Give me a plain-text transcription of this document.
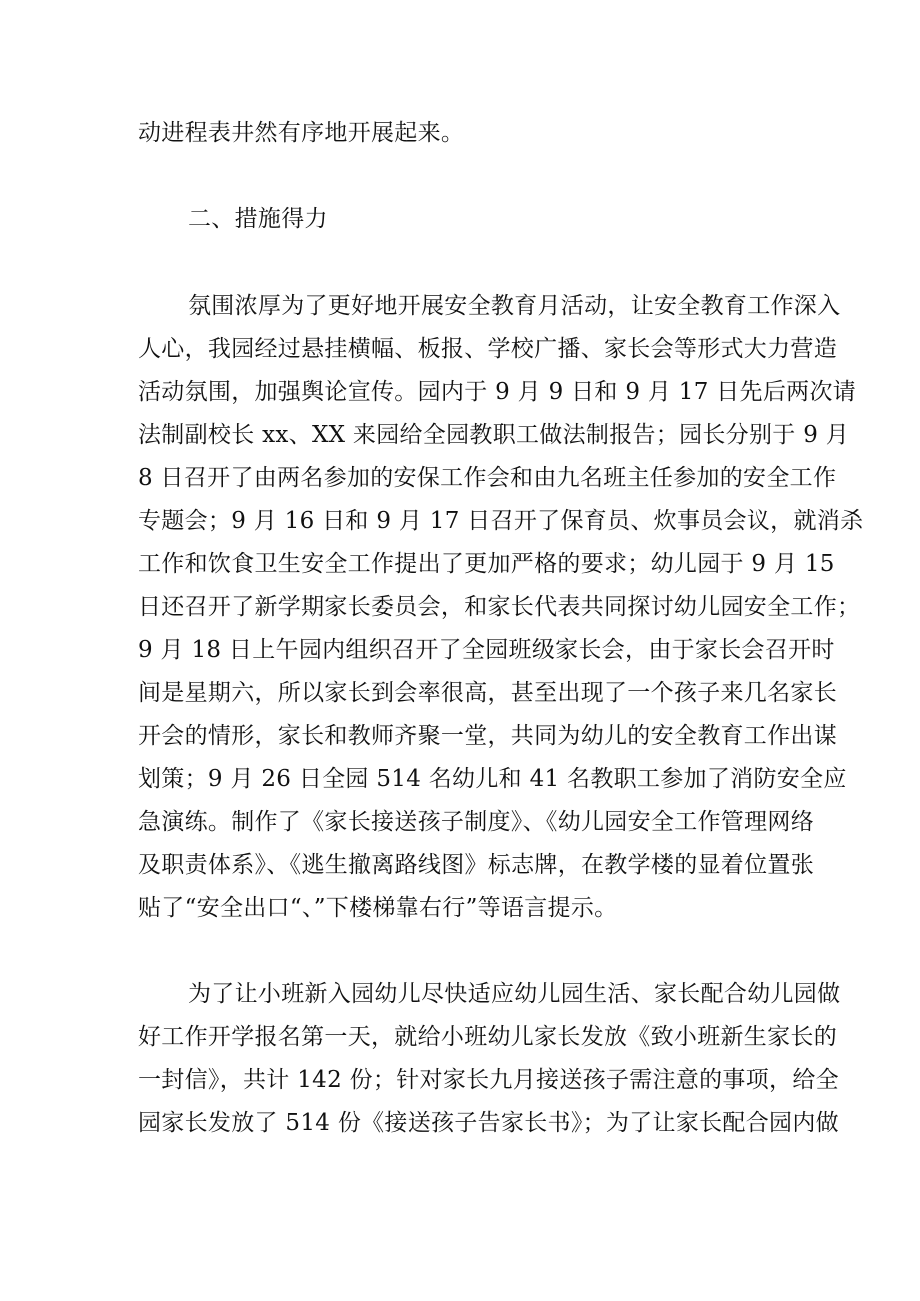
动进程表井然有序地开展起来。
二、措施得力
氛围浓厚为了更好地开展安全教育月活动，让安全教育工作深入
人心，我园经过悬挂横幅、板报、学校广播、家长会等形式大力营造
活动氛围，加强舆论宣传。园内于 9 月 9 日和 9 月 17 日先后两次请
法制副校长 xx、XX 来园给全园教职工做法制报告；园长分别于 9 月
8 日召开了由两名参加的安保工作会和由九名班主任参加的安全工作
专题会；9 月 16 日和 9 月 17 日召开了保育员、炊事员会议，就消杀
工作和饮食卫生安全工作提出了更加严格的要求；幼儿园于 9 月 15
日还召开了新学期家长委员会，和家长代表共同探讨幼儿园安全工作；
9 月 18 日上午园内组织召开了全园班级家长会，由于家长会召开时
间是星期六，所以家长到会率很高，甚至出现了一个孩子来几名家长
开会的情形，家长和教师齐聚一堂，共同为幼儿的安全教育工作出谋
划策；9 月 26 日全园 514 名幼儿和 41 名教职工参加了消防安全应
急演练。制作了《家长接送孩子制度》、《幼儿园安全工作管理网络
及职责体系》、《逃生撤离路线图》标志牌，在教学楼的显着位置张
贴了“安全出口“、”下楼梯靠右行”等语言提示。
为了让小班新入园幼儿尽快适应幼儿园生活、家长配合幼儿园做
好工作开学报名第一天，就给小班幼儿家长发放《致小班新生家长的
一封信》，共计 142 份；针对家长九月接送孩子需注意的事项，给全
园家长发放了 514 份《接送孩子告家长书》；为了让家长配合园内做
